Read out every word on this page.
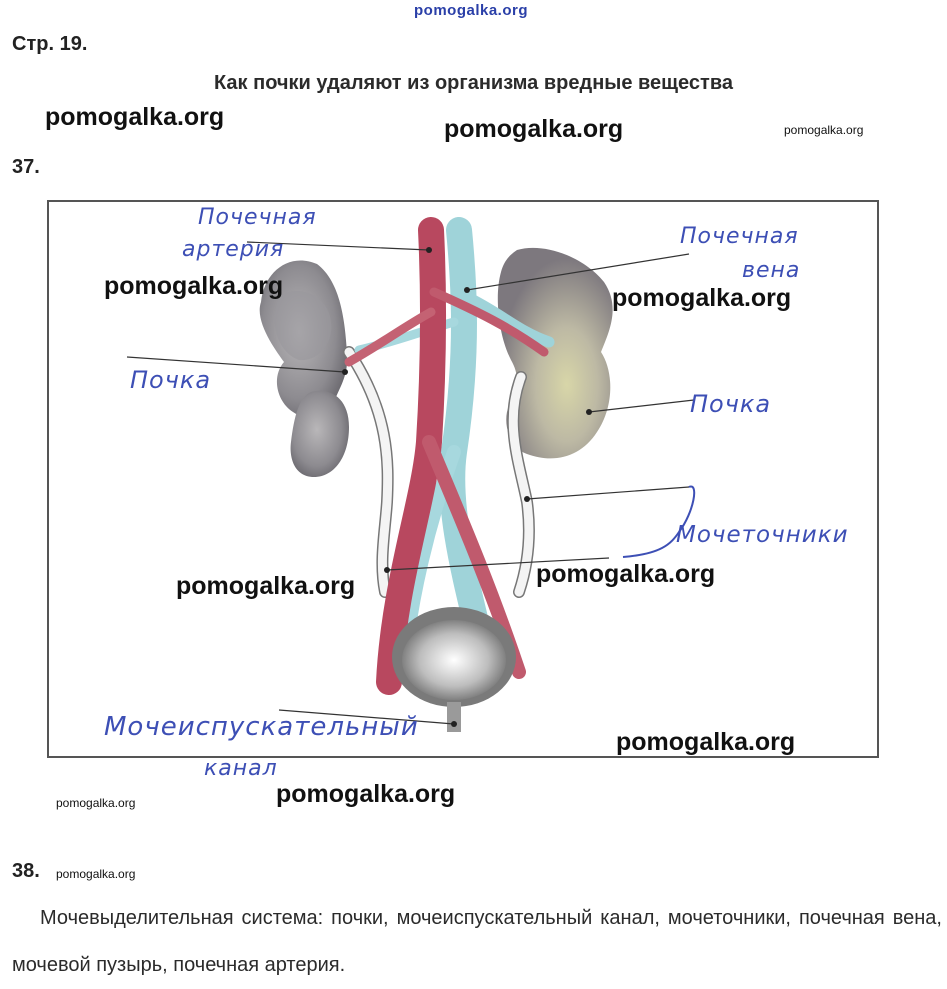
pomogalka.org
Стр. 19.
Как почки удаляют из организма вредные вещества
pomogalka.org	pomogalka.org	pomogalka.org
37.
Почечная
артерия
Почечная
вена
Почка
Почка
Мочеточники
Мочеиспускательный
канал
pomogalka.org	pomogalka.org
pomogalka.org	pomogalka.org
pomogalka.org
pomogalka.org
pomogalka.org
38. pomogalka.org
Мочевыделительная система: почки, мочеиспускательный канал, мочеточники, почечная вена, мочевой пузырь, почечная артерия.
